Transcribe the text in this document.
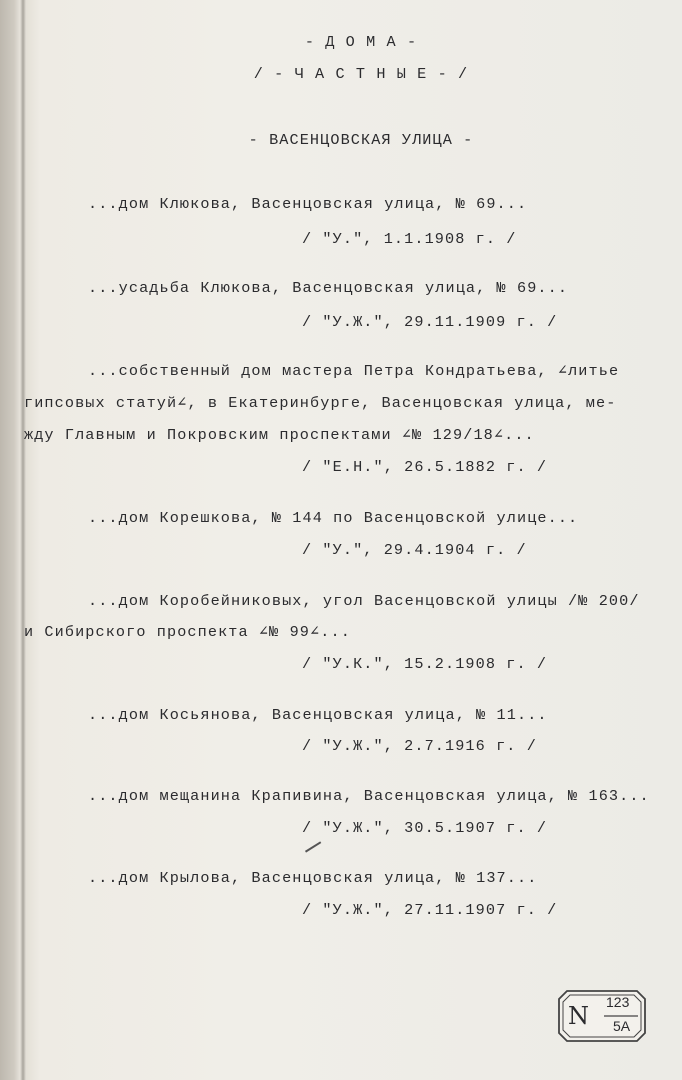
- Д О М А -
/ - Ч А С Т Н Ы Е - /
- ВАСЕНЦОВСКАЯ УЛИЦА -
...дом Клюкова, Васенцовская улица, № 69...
/ "У.", 1.1.1908 г. /
...усадьба Клюкова, Васенцовская улица, № 69...
/ "У.Ж.", 29.11.1909 г. /
...собственный дом мастера Петра Кондратьева, ∠литье
гипсовых статуй∠, в Екатеринбурге, Васенцовская улица, ме-
жду Главным и Покровским проспектами ∠№ 129/18∠...
/ "Е.Н.", 26.5.1882 г. /
...дом Корешкова, № 144 по Васенцовской улице...
/ "У.", 29.4.1904 г. /
...дом Коробейниковых, угол Васенцовской улицы /№ 200/
и Сибирского проспекта ∠№ 99∠...
/ "У.К.", 15.2.1908 г. /
...дом Косьянова, Васенцовская улица, № 11...
/ "У.Ж.", 2.7.1916 г. /
...дом мещанина Крапивина, Васенцовская улица, № 163...
/ "У.Ж.", 30.5.1907 г. /
...дом Крылова, Васенцовская улица, № 137...
/ "У.Ж.", 27.11.1907 г. /
N 123
5А
